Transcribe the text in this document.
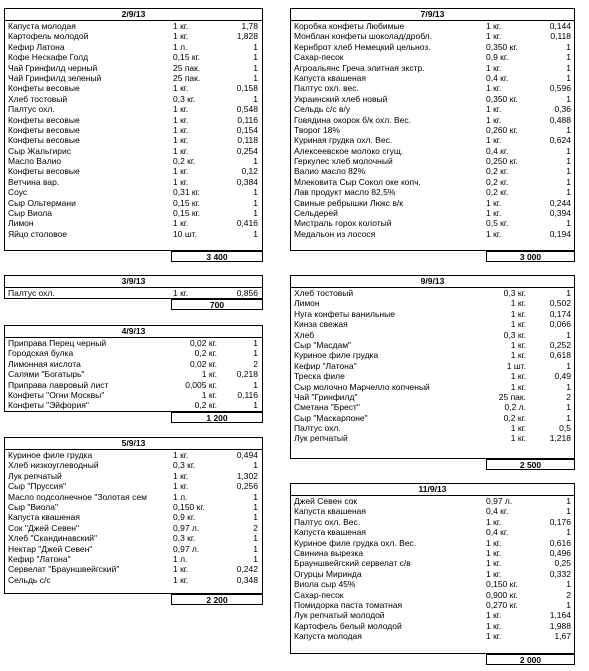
2/9/13
Капуста молодая	1 кг.	1,78
Картофель молодой	1 кг.	1,828
Кефир Латона	1 л.	1
Кофе Нескафе Голд	0,15 кг.	1
Чай Гринфилд черный	25 пак.	1
Чай Гринфилд зеленый	25 пак.	1
Конфеты весовые	1 кг.	0,158
Хлеб тостовый	0,3 кг.	1
Палтус охл.	1 кг.	0,548
Конфеты весовые	1 кг.	0,116
Конфеты весовые	1 кг.	0,154
Конфеты весовые	1 кг.	0,118
Сыр Жальгирис	1 кг.	0,254
Масло Валио	0,2 кг.	1
Конфеты весовые	1 кг.	0,12
Ветчина вар.	1 кг.	0,384
Соус	0,31 кг.	1
Сыр Ольтермани	0,15 кг.	1
Сыр Виола	0,15 кг.	1
Лимон	1 кг.	0,416
Яйцо столовое	10 шт.	1
3 400
3/9/13
Палтус охл.	1 кг.	0,856
700
4/9/13
Приправа Перец черный	0,02 кг.	1
Городская булка	0,2 кг.	1
Лимонная кислота	0,02 кг.	2
Салями "Богатырь"	1 кг. 0,218
Приправа лавровый лист	0,005 кг.	1
Конфеты "Огни Москвы"	1 кг. 0,116
Конфеты "Эйфория"	0,2 кг.	1
1 200
5/9/13
Куриное филе грудка	1 кг.	0,494
Хлеб низкоуглеводный	0,3 кг.	1
Лук репчатый	1 кг.	1,302
Сыр "Пруссия"	1 кг.	0,256
Масло подсолнечное "Золотая сем	1 л.	1
Сыр "Виола"	0,150 кг.	1
Капуста квашеная	0,9 кг.	1
Сок "Джей Севен"	0,97 л.	2
Хлеб "Скандинавский"	0,3 кг.	1
Нектар "Джей Севен"	0,97 л.	1
Кефир "Латона"	1 л.	1
Сервелат "Брауншвейгский"	1 кг.	0,242
Сельдь с/с	1 кг.	0,348
2 200
7/9/13
Коробка конфеты Любимые	1 кг.	0,144
Монблан конфеты шоколад/дробл.	1 кг.	0,118
Кернброт хлеб Немецкий цельноз.	0,350 кг.	1
Сахар-песок	0,9 кг.	1
Агроальянс Греча элитная экстр.	1 кг.	1
Капуста квашеная	0,4 кг.	1
Палтус охл. вес.	1 кг.	0,596
Украинский хлеб новый	0,350 кг.	1
Сельдь с/с в/у	1 кг.	0,36
Говядина окорок б/к охл. Вес.	1 кг.	0,488
Творог 18%	0,260 кг.	1
Куриная грудка охл. Вес.	1 кг.	0,624
Алексеевское молоко сгущ.	0,4 кг.	1
Геркулес хлеб молочный	0,250 кг.	1
Валио масло 82%	0,2 кг.	1
Млековита Сыр Сокол оке копч.	0,2 кг.	1
Лав продукт масло 82,5%	0,2 кг.	1
Свиные ребрышки Люкс в/к	1 кг.	0,244
Сельдерей	1 кг.	0,394
Мистраль горох колотый	0,5 кг.	1
Медальон из лосося	1 кг.	0,194
3 000
9/9/13
Хлеб тостовый	0,3 кг.	1
Лимон	1 кг.	0,502
Нуга конфеты ванильные	1 кг.	0,174
Кинза свежая	1 кг.	0,066
Хлеб	0,3 кг.	1
Сыр "Масдам"	1 кг.	0,252
Куриное филе грудка	1 кг.	0,618
Кефир "Латона"	1 шт.	1
Треска филе	1 кг.	0,49
Сыр молочно Марчелло копченый	1 кг.	1
Чай "Гринфилд"	25 пак.	2
Сметана "Брест"	0,2 л.	1
Сыр "Маскарпоне"	0,2 кг.	1
Палтус охл.	1 кг.	0,5
Лук репчатый	1 кг.	1,218
2 500
11/9/13
Джей Севен сок	0,97 л.	1
Капуста квашеная	0,4 кг.	1
Палтус охл. Вес.	1 кг.	0,176
Капуста квашеная	0,4 кг.	1
Куриное филе грудка охл. Вес.	1 кг.	0,616
Свинина вырезка	1 кг.	0,496
Брауншвейгский сервелат с/в	1 кг.	0,25
Огурцы Миринда	1 кг.	0,332
Виола сыр 45%	0,150 кг.	1
Сахар-песок	0,900 кг.	2
Помидорка паста томатная	0,270 кг.	1
Лук репчатый молодой	1 кг.	1,164
Картофель белый молодой	1 кг.	1,988
Капуста молодая	1 кг.	1,67
2 000
